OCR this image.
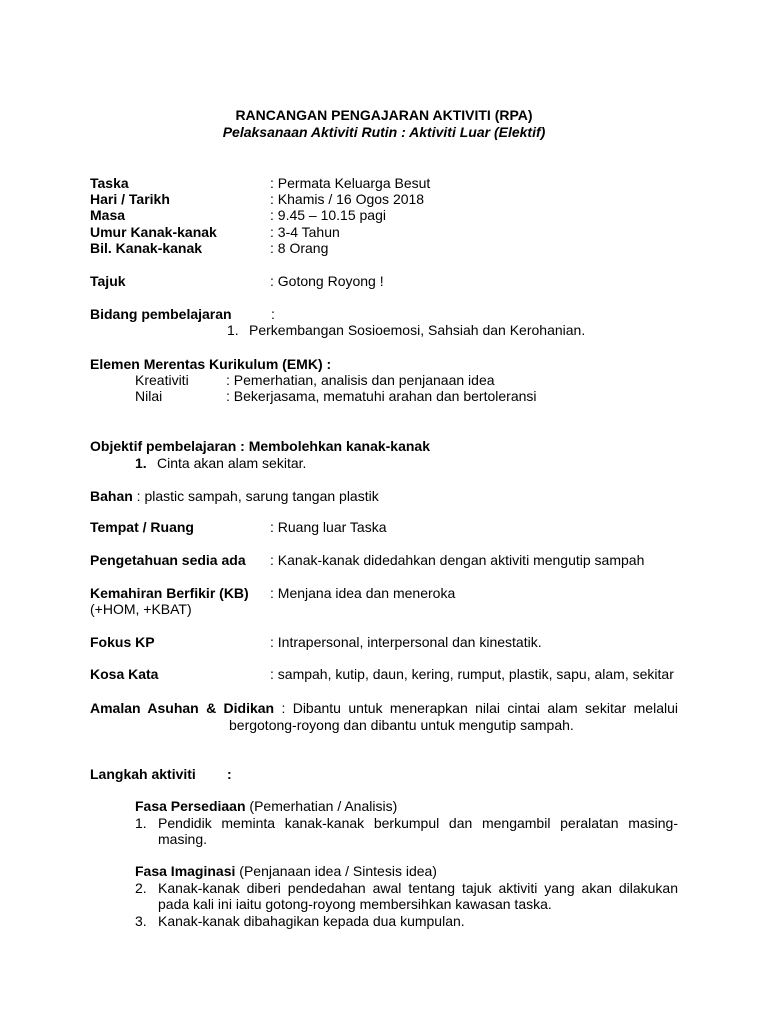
RANCANGAN PENGAJARAN AKTIVITI (RPA)
Pelaksanaan Aktiviti Rutin : Aktiviti Luar (Elektif)
Taska	: Permata Keluarga Besut
Hari / Tarikh	: Khamis / 16 Ogos 2018
Masa	: 9.45 – 10.15 pagi
Umur Kanak-kanak	: 3-4 Tahun
Bil. Kanak-kanak	: 8 Orang
Tajuk	: Gotong Royong !
Bidang pembelajaran	:
1. Perkembangan Sosioemosi, Sahsiah dan Kerohanian.
Elemen Merentas Kurikulum (EMK) :
Kreativiti	: Pemerhatian, analisis dan penjanaan idea
Nilai	: Bekerjasama, mematuhi arahan dan bertoleransi
Objektif pembelajaran : Membolehkan kanak-kanak
1. Cinta akan alam sekitar.
Bahan : plastic sampah, sarung tangan plastik
Tempat / Ruang	: Ruang luar Taska
Pengetahuan sedia ada : Kanak-kanak didedahkan dengan aktiviti mengutip sampah
Kemahiran Berfikir (KB) : Menjana idea dan meneroka
(+HOM, +KBAT)
Fokus KP	: Intrapersonal, interpersonal dan kinestatik.
Kosa Kata	: sampah, kutip, daun, kering, rumput, plastik, sapu, alam, sekitar
Amalan Asuhan & Didikan : Dibantu untuk menerapkan nilai cintai alam sekitar melalui
bergotong-royong dan dibantu untuk mengutip sampah.
Langkah aktiviti :
Fasa Persediaan (Pemerhatian / Analisis)
1. Pendidik meminta kanak-kanak berkumpul dan mengambil peralatan masing-
masing.
Fasa Imaginasi (Penjanaan idea / Sintesis idea)
2. Kanak-kanak diberi pendedahan awal tentang tajuk aktiviti yang akan dilakukan
pada kali ini iaitu gotong-royong membersihkan kawasan taska.
3. Kanak-kanak dibahagikan kepada dua kumpulan.
